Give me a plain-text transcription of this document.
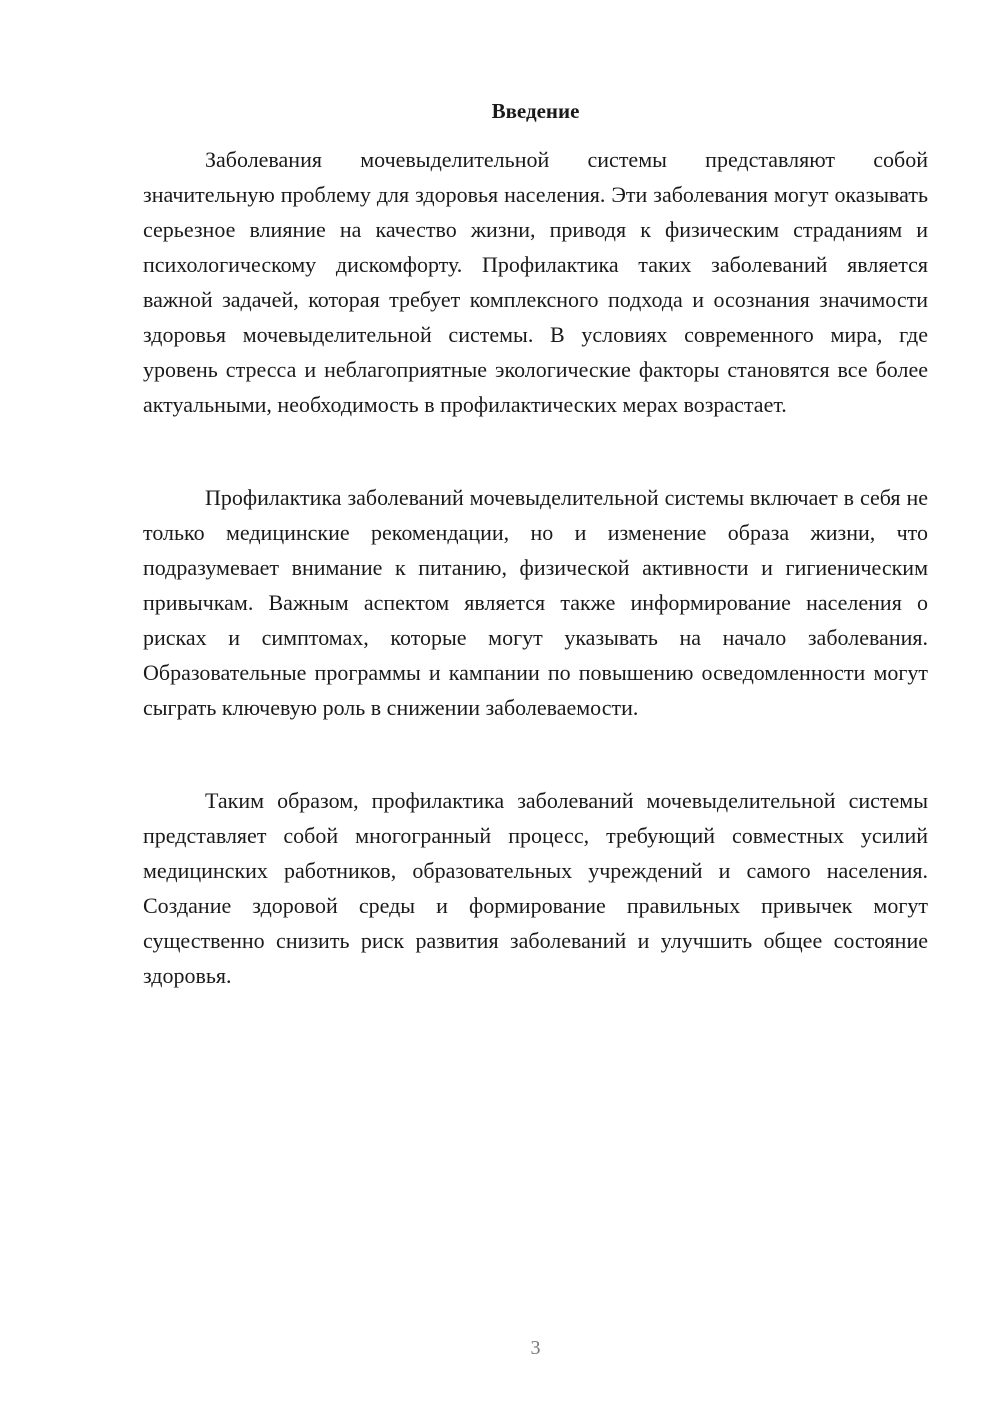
Введение

Заболевания мочевыделительной системы представляют собой значительную проблему для здоровья населения. Эти заболевания могут оказывать серьезное влияние на качество жизни, приводя к физическим страданиям и психологическому дискомфорту. Профилактика таких заболеваний является важной задачей, которая требует комплексного подхода и осознания значимости здоровья мочевыделительной системы. В условиях современного мира, где уровень стресса и неблагоприятные экологические факторы становятся все более актуальными, необходимость в профилактических мерах возрастает.

Профилактика заболеваний мочевыделительной системы включает в себя не только медицинские рекомендации, но и изменение образа жизни, что подразумевает внимание к питанию, физической активности и гигиеническим привычкам. Важным аспектом является также информирование населения о рисках и симптомах, которые могут указывать на начало заболевания. Образовательные программы и кампании по повышению осведомленности могут сыграть ключевую роль в снижении заболеваемости.

Таким образом, профилактика заболеваний мочевыделительной системы представляет собой многогранный процесс, требующий совместных усилий медицинских работников, образовательных учреждений и самого населения. Создание здоровой среды и формирование правильных привычек могут существенно снизить риск развития заболеваний и улучшить общее состояние здоровья.

3
